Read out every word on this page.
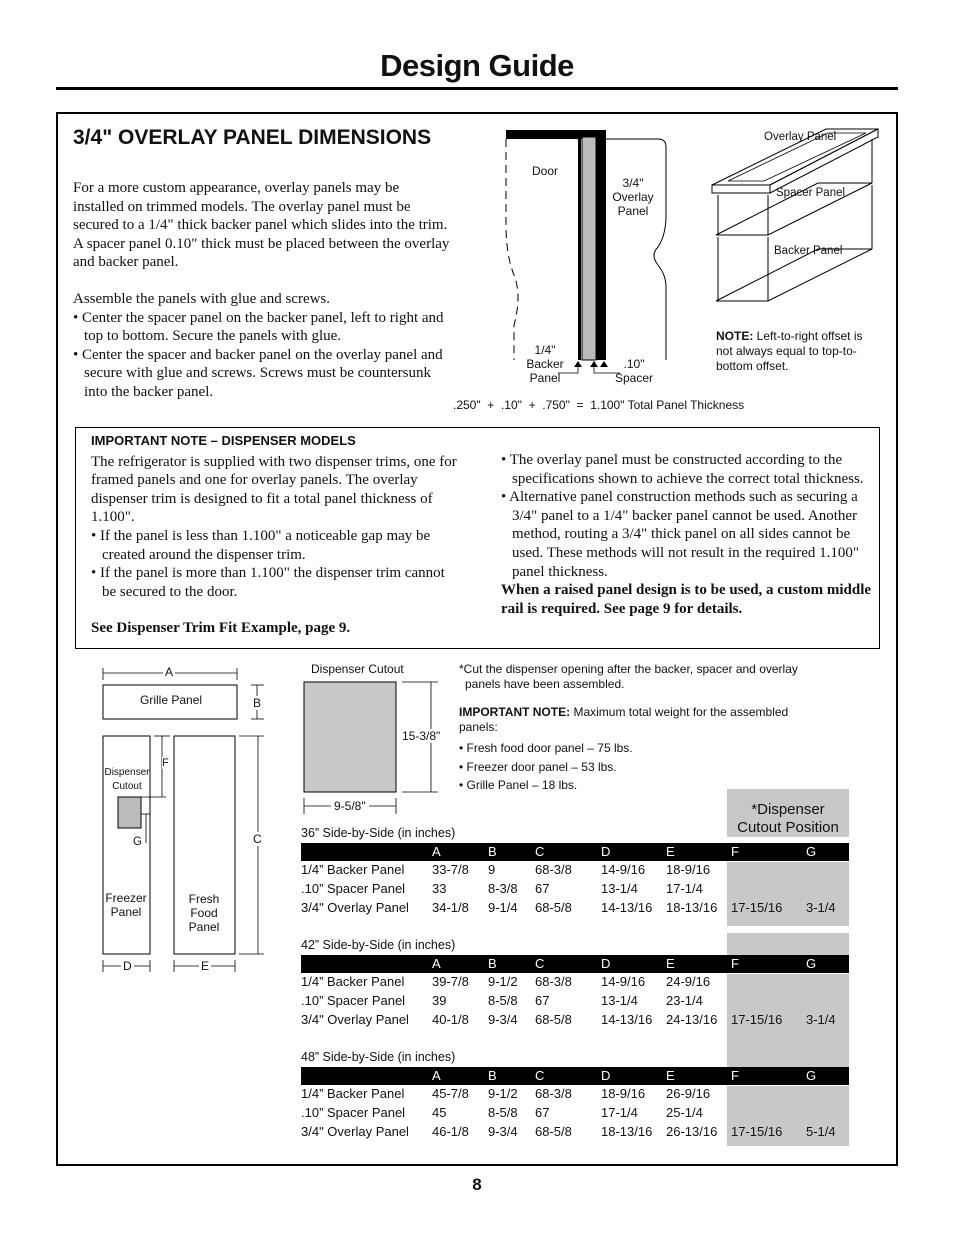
Design Guide
3/4" OVERLAY PANEL DIMENSIONS

For a more custom appearance, overlay panels may be installed on trimmed models. The overlay panel must be secured to a 1/4" thick backer panel which slides into the trim. A spacer panel 0.10" thick must be placed between the overlay and backer panel.

Assemble the panels with glue and screws.
• Center the spacer panel on the backer panel, left to right and top to bottom. Secure the panels with glue.
• Center the spacer and backer panel on the overlay panel and secure with glue and screws. Screws must be countersunk into the backer panel.
Door
3/4"
Overlay
Panel
1/4"
Backer
Panel
.10"
Spacer
.250"  +  .10"  +  .750"  =  1.100" Total Panel Thickness
Overlay Panel
Spacer Panel
Backer Panel
NOTE: Left-to-right offset is not always equal to top-to-bottom offset.
IMPORTANT NOTE – DISPENSER MODELS
The refrigerator is supplied with two dispenser trims, one for framed panels and one for overlay panels. The overlay dispenser trim is designed to fit a total panel thickness of 1.100".
• If the panel is less than 1.100" a noticeable gap may be created around the dispenser trim.
• If the panel is more than 1.100" the dispenser trim cannot be secured to the door.
See Dispenser Trim Fit Example, page 9.
• The overlay panel must be constructed according to the specifications shown to achieve the correct total thickness.
• Alternative panel construction methods such as securing a 3/4" panel to a 1/4" backer panel cannot be used. Another method, routing a 3/4" thick panel on all sides cannot be used. These methods will not result in the required 1.100" panel thickness.
When a raised panel design is to be used, a custom middle rail is required. See page 9 for details.
A
B
Grille Panel
F
Dispenser
Cutout
G	C
Freezer
Panel
Fresh Food
Panel
D	E
Dispenser Cutout
15-3/8"
9-5/8"
*Cut the dispenser opening after the backer, spacer and overlay
panels have been assembled.
IMPORTANT NOTE: Maximum total weight for the assembled panels:
• Fresh food door panel – 75 lbs.
• Freezer door panel – 53 lbs.
• Grille Panel – 18 lbs.
*Dispenser
Cutout Position
36” Side-by-Side (in inches)
A	B	C	D	E	F	G
1/4” Backer Panel 33-7/8 9	68-3/8 14-9/16 18-9/16
.10” Spacer Panel 33	8-3/8 67	13-1/4 17-1/4
3/4" Overlay Panel 34-1/8 9-1/4 68-5/8 14-13/16 18-13/16 17-15/16 3-1/4
42” Side-by-Side (in inches)
A	B	C	D	E	F	G
1/4” Backer Panel 39-7/8 9-1/2 68-3/8 14-9/16 24-9/16
.10” Spacer Panel 39	8-5/8 67	13-1/4 23-1/4
3/4" Overlay Panel 40-1/8 9-3/4 68-5/8 14-13/16 24-13/16 17-15/16 3-1/4
48” Side-by-Side (in inches)
A	B	C	D	E	F	G
1/4” Backer Panel 45-7/8 9-1/2 68-3/8 18-9/16 26-9/16
.10” Spacer Panel 45	8-5/8 67	17-1/4 25-1/4
3/4" Overlay Panel 46-1/8 9-3/4 68-5/8 18-13/16 26-13/16 17-15/16 5-1/4
8
